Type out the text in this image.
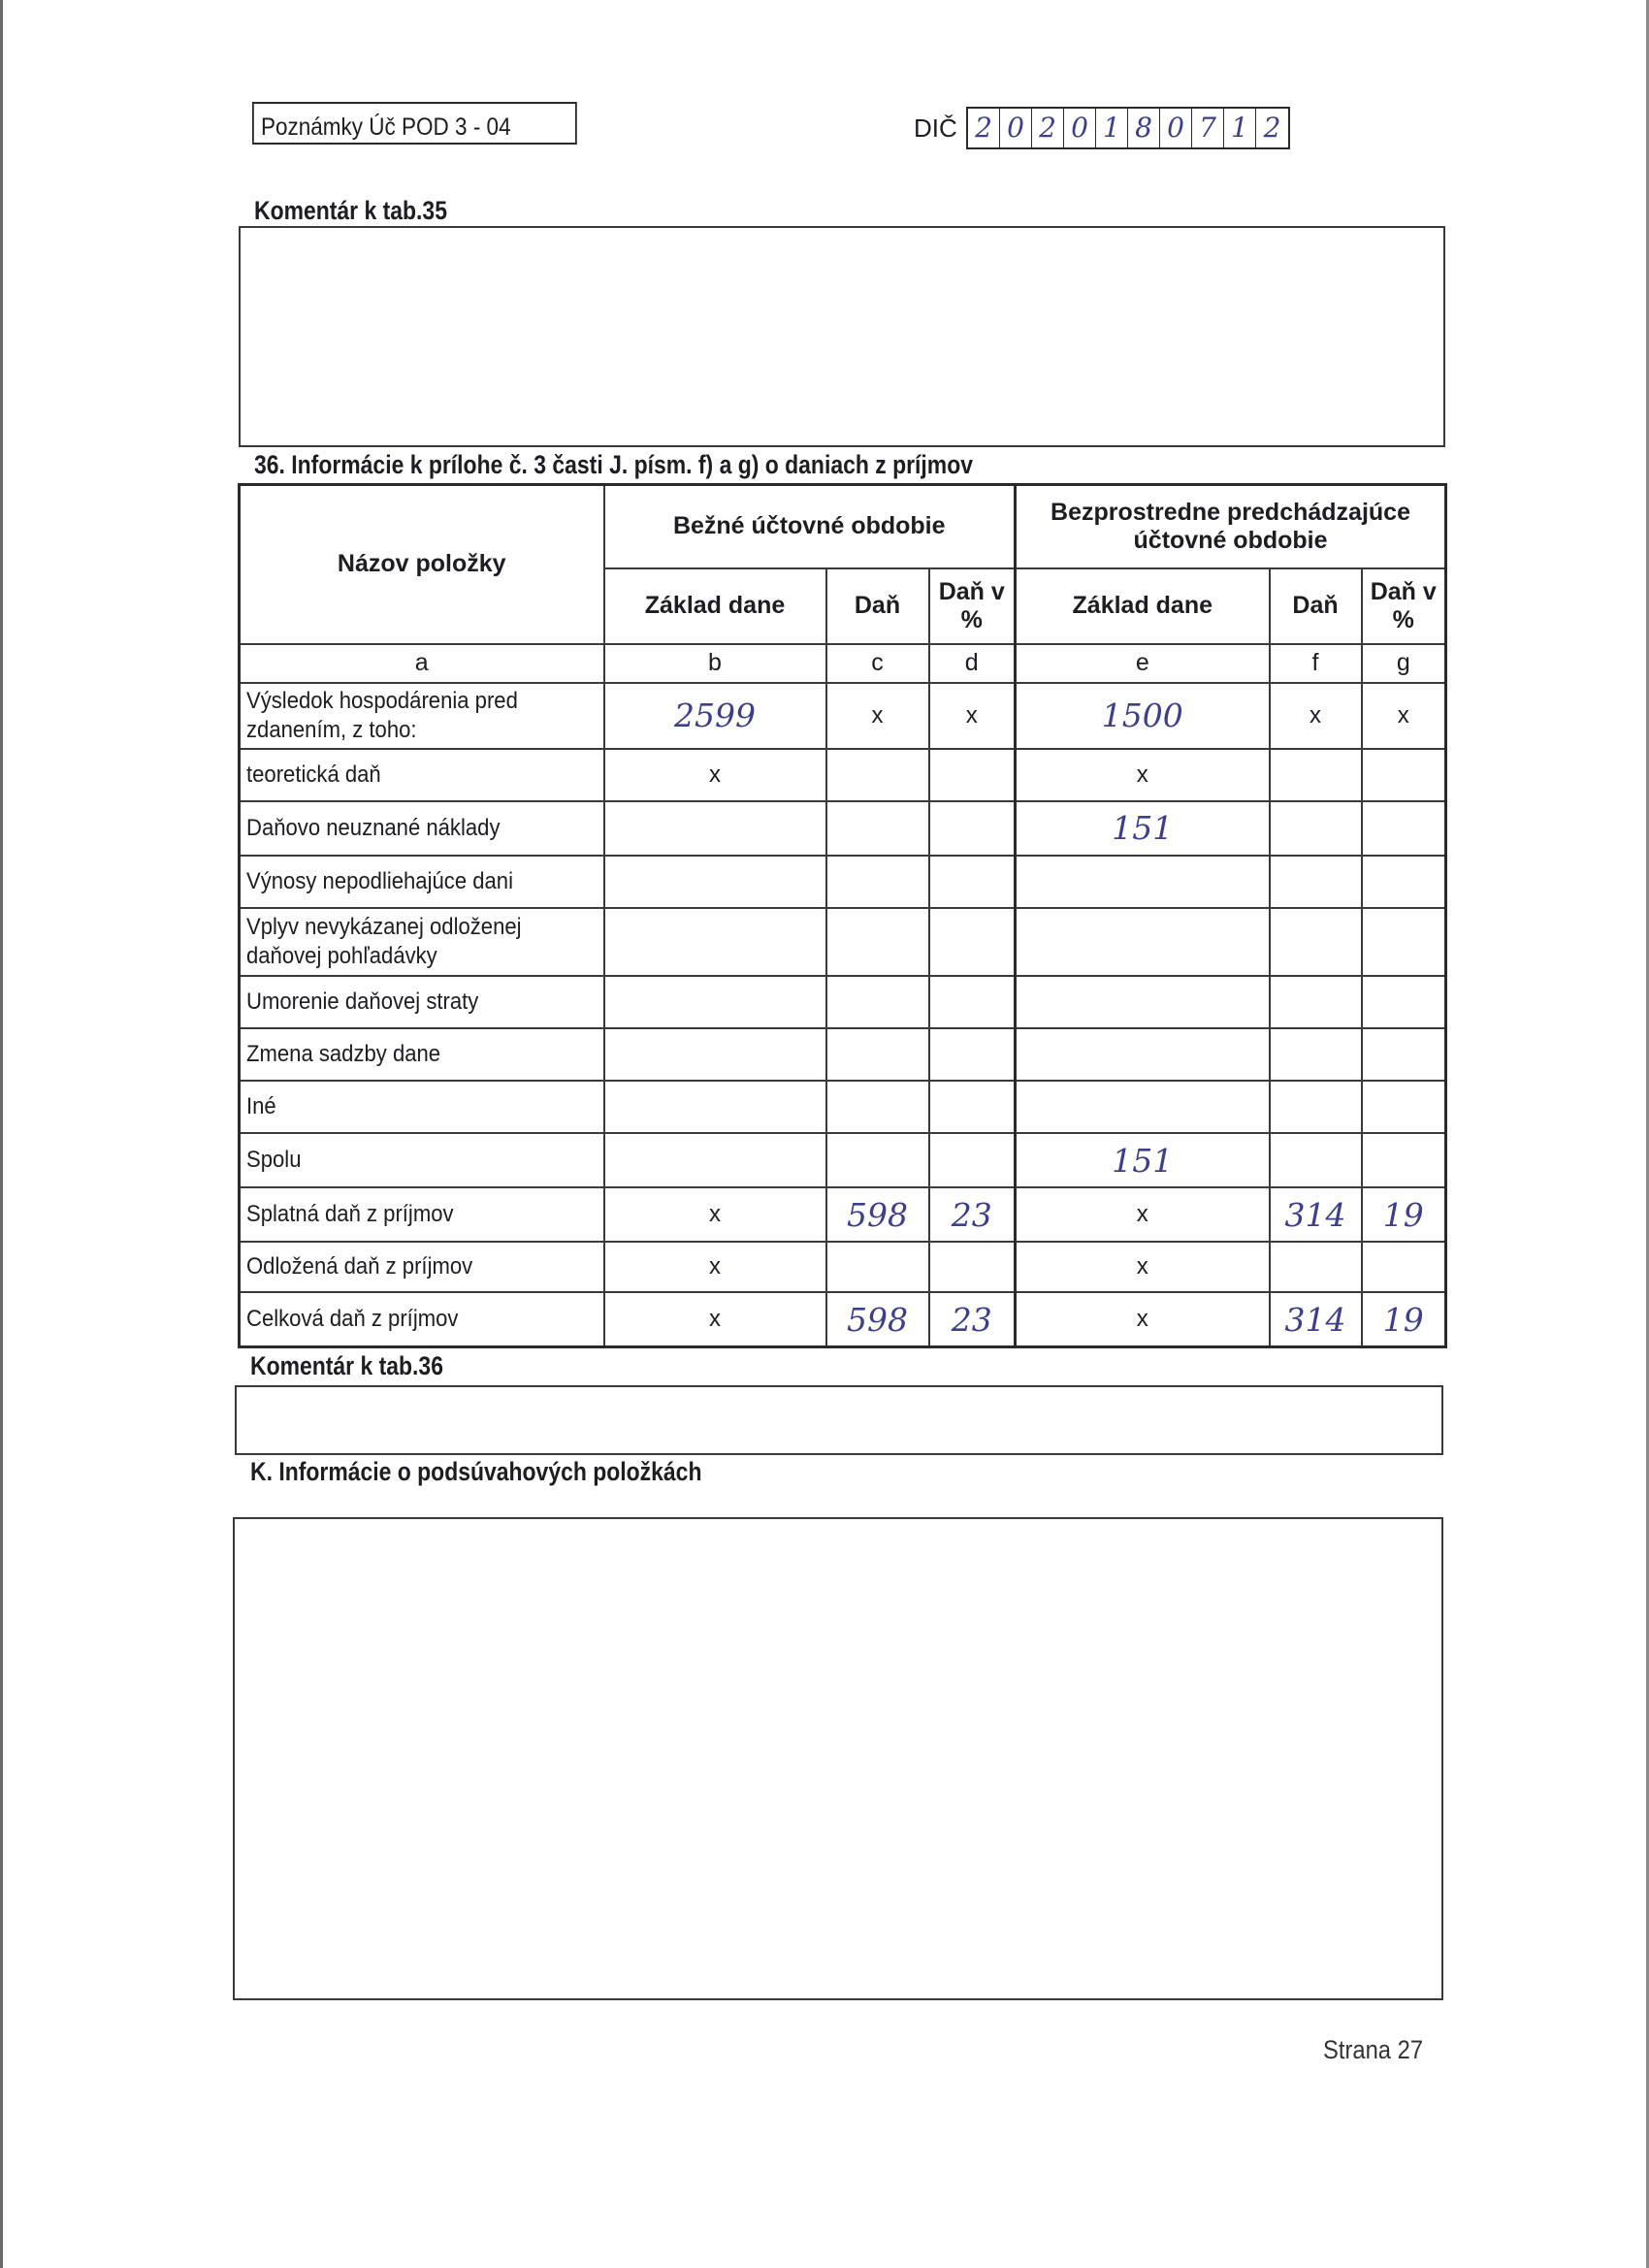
Poznámky Úč POD 3 - 04	DIČ 2 0 2 0 1 8 0 7 1 2
Komentár k tab.35
36. Informácie k prílohe č. 3 časti J. písm. f) a g) o daniach z príjmov
Názov položky	Bežné účtovné obdobie			Bezprostredne predchádzajúce účtovné obdobie		
	Základ dane	Daň	Daň v %	Základ dane	Daň	Daň v %
a	b	c	d	e	f	g
Výsledok hospodárenia pred zdanením, z toho:	2599	x	x	1500	x	x
teoretická daň	x			x		
Daňovo neuznané náklady				151		
Výnosy nepodliehajúce dani						
Vplyv nevykázanej odloženej daňovej pohľadávky						
Umorenie daňovej straty						
Zmena sadzby dane						
Iné						
Spolu				151		
Splatná daň z príjmov	x	598	23	x	314	19
Odložená daň z príjmov	x			x		
Celková daň z príjmov	x	598	23	x	314	19
Komentár k tab.36
K. Informácie o podsúvahových položkách
Strana 27
